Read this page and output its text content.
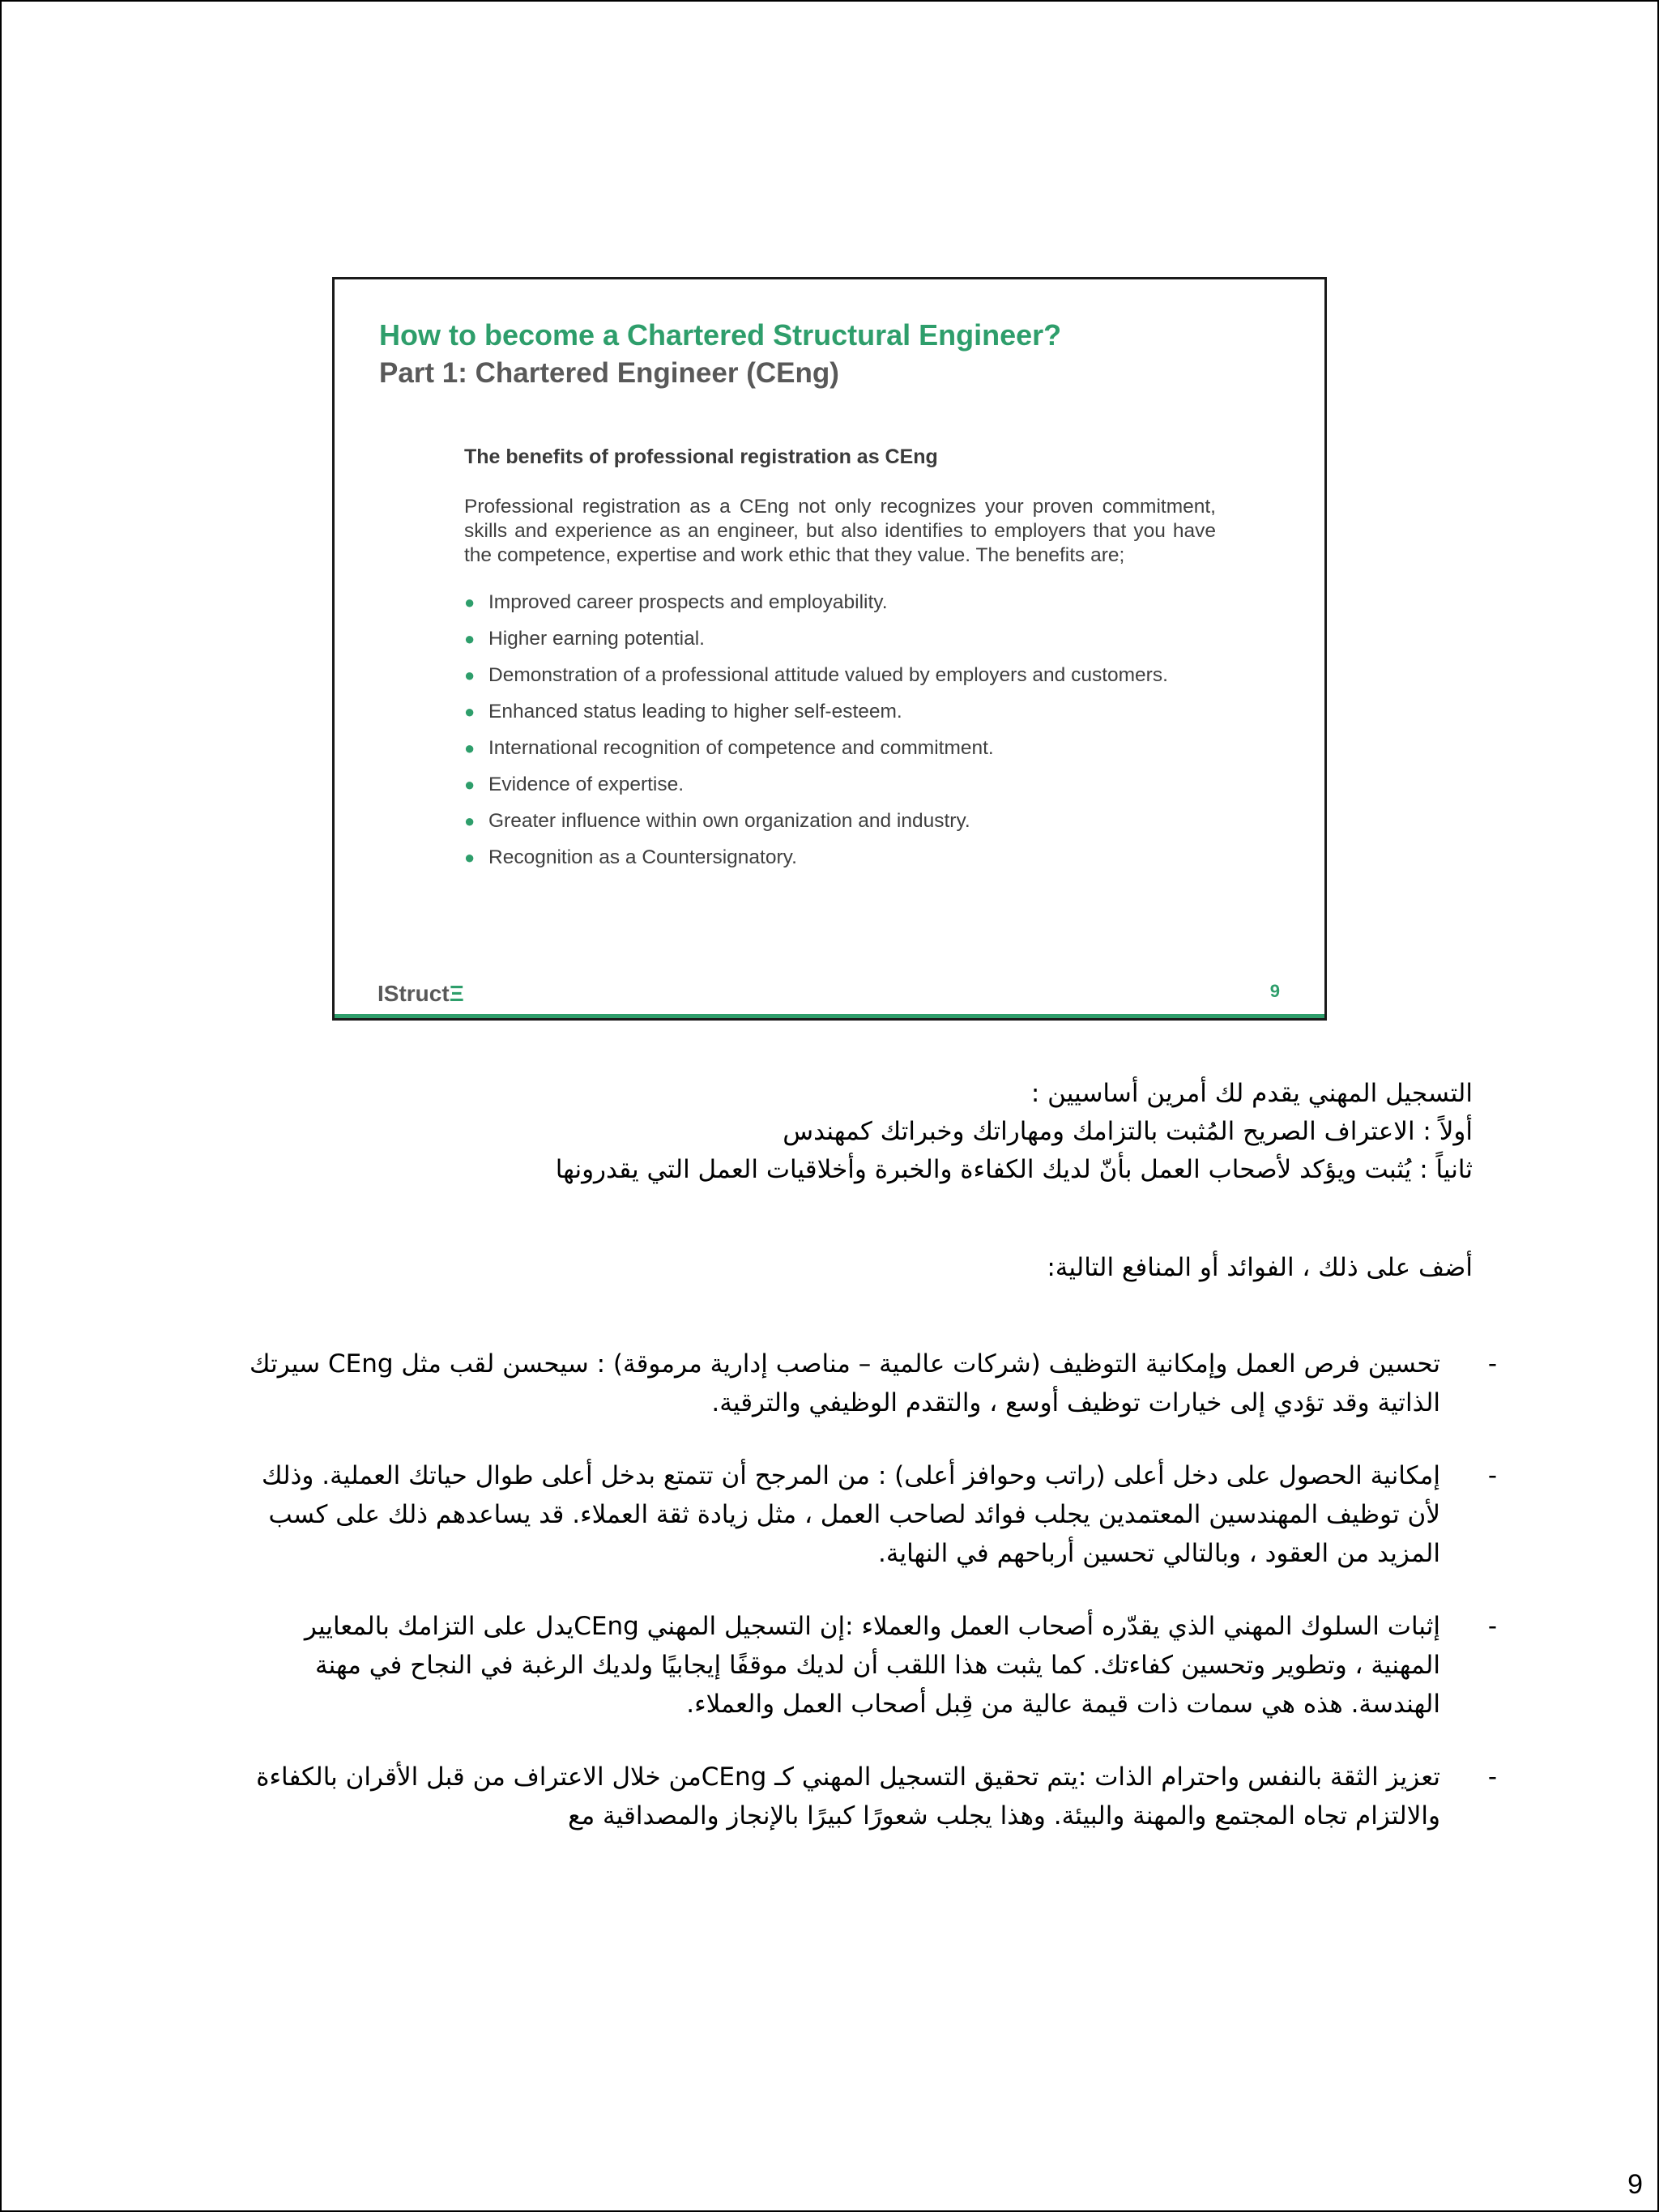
How to become a Chartered Structural Engineer?
Part 1: Chartered Engineer (CEng)
The benefits of professional registration as CEng
Professional registration as a CEng not only recognizes your proven commitment, skills and experience as an engineer, but also identifies to employers that you have the competence, expertise and work ethic that they value. The benefits are;
● Improved career prospects and employability.
● Higher earning potential.
● Demonstration of a professional attitude valued by employers and customers.
● Enhanced status leading to higher self-esteem.
● International recognition of competence and commitment.
● Evidence of expertise.
● Greater influence within own organization and industry.
● Recognition as a Countersignatory.
IStructΞ	9
التسجيل المهني يقدم لك أمرين أساسيين :
أولاً : الاعتراف الصريح المُثبت بالتزامك ومهاراتك وخبراتك كمهندس
ثانياً : يُثبت ويؤكد لأصحاب العمل بأنّ لديك الكفاءة والخبرة وأخلاقيات العمل التي يقدرونها
أضف على ذلك ، الفوائد أو المنافع التالية:
-
تحسين فرص العمل وإمكانية التوظيف (شركات عالمية – مناصب إدارية مرموقة) : سيحسن لقب مثل CEng سيرتك الذاتية وقد تؤدي إلى خيارات توظيف أوسع ، والتقدم الوظيفي والترقية.
-
إمكانية الحصول على دخل أعلى (راتب وحوافز أعلى) : من المرجح أن تتمتع بدخل أعلى طوال حياتك العملية. وذلك لأن توظيف المهندسين المعتمدين يجلب فوائد لصاحب العمل ، مثل زيادة ثقة العملاء. قد يساعدهم ذلك على كسب المزيد من العقود ، وبالتالي تحسين أرباحهم في النهاية.
-
إثبات السلوك المهني الذي يقدّره أصحاب العمل والعملاء :إن التسجيل المهني CEngيدل على التزامك بالمعايير المهنية ، وتطوير وتحسين كفاءتك. كما يثبت هذا اللقب أن لديك موقفًا إيجابيًا ولديك الرغبة في النجاح في مهنة الهندسة. هذه هي سمات ذات قيمة عالية من قِبل أصحاب العمل والعملاء.
-
تعزيز الثقة بالنفس واحترام الذات :يتم تحقيق التسجيل المهني كـ CEngمن خلال الاعتراف من قبل الأقران بالكفاءة والالتزام تجاه المجتمع والمهنة والبيئة. وهذا يجلب شعورًا كبيرًا بالإنجاز والمصداقية مع
9
